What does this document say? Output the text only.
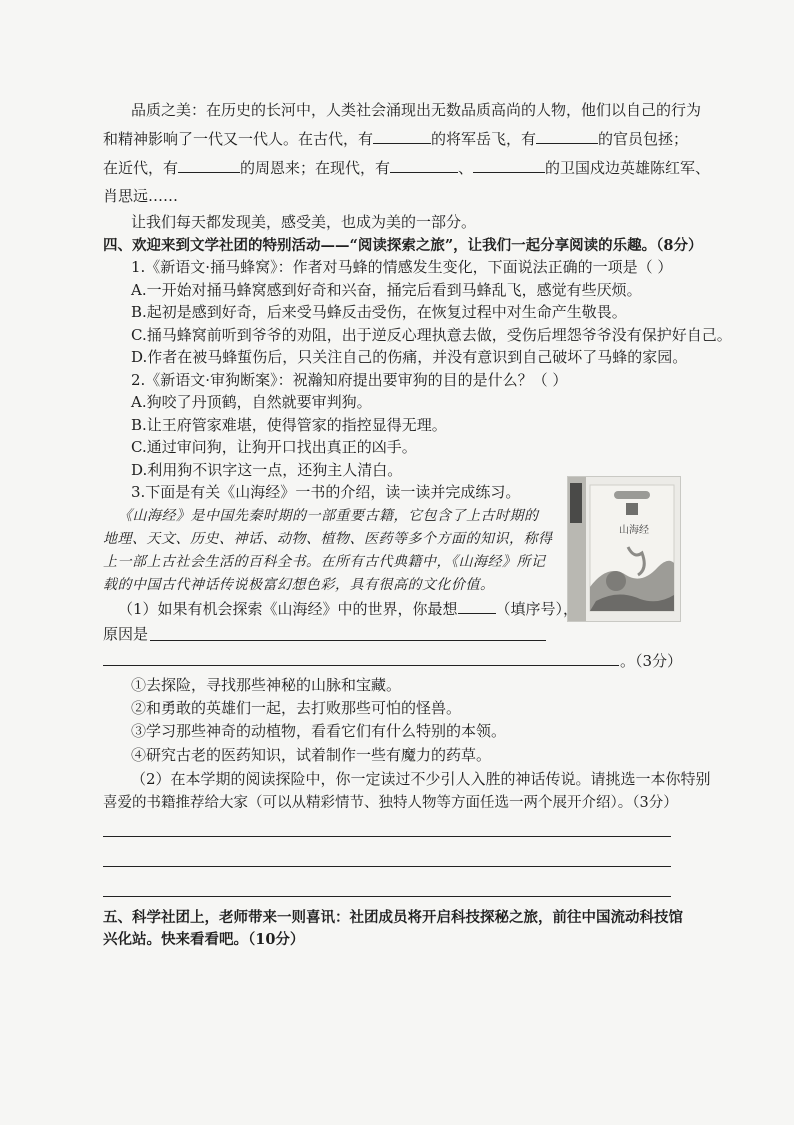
品质之美：在历史的长河中，人类社会涌现出无数品质高尚的人物，他们以自己的行为
和精神影响了一代又一代人。在古代，有	的将军岳飞，有	的官员包拯；
在近代，有	的周恩来；在现代，有	、	的卫国戍边英雄陈红军、
肖思远……
让我们每天都发现美，感受美，也成为美的一部分。
四、欢迎来到文学社团的特别活动——“阅读探索之旅”，让我们一起分享阅读的乐趣。（8分）
1.《新语文·捅马蜂窝》：作者对马蜂的情感发生变化，下面说法正确的一项是（ ）
A.一开始对捅马蜂窝感到好奇和兴奋，捅完后看到马蜂乱飞，感觉有些厌烦。
B.起初是感到好奇，后来受马蜂反击受伤，在恢复过程中对生命产生敬畏。
C.捅马蜂窝前听到爷爷的劝阻，出于逆反心理执意去做，受伤后埋怨爷爷没有保护好自己。
D.作者在被马蜂蜇伤后，只关注自己的伤痛，并没有意识到自己破坏了马蜂的家园。
2.《新语文·审狗断案》：祝瀚知府提出要审狗的目的是什么？（ ）
A.狗咬了丹顶鹤，自然就要审判狗。
B.让王府管家难堪，使得管家的指控显得无理。
C.通过审问狗，让狗开口找出真正的凶手。
D.利用狗不识字这一点，还狗主人清白。
3.下面是有关《山海经》一书的介绍，读一读并完成练习。
《山海经》是中国先秦时期的一部重要古籍，它包含了上古时期的
地理、天文、历史、神话、动物、植物、医药等多个方面的知识，称得
上一部上古社会生活的百科全书。在所有古代典籍中，《山海经》所记
载的中国古代神话传说极富幻想色彩，具有很高的文化价值。
山海经
（1）如果有机会探索《山海经》中的世界，你最想	（填序号），
原因是
。（3分）
①去探险，寻找那些神秘的山脉和宝藏。
②和勇敢的英雄们一起，去打败那些可怕的怪兽。
③学习那些神奇的动植物，看看它们有什么特别的本领。
④研究古老的医药知识，试着制作一些有魔力的药草。
（2）在本学期的阅读探险中，你一定读过不少引人入胜的神话传说。请挑选一本你特别
喜爱的书籍推荐给大家（可以从精彩情节、独特人物等方面任选一两个展开介绍）。（3分）
五、科学社团上，老师带来一则喜讯：社团成员将开启科技探秘之旅，前往中国流动科技馆
兴化站。快来看看吧。（10分）
